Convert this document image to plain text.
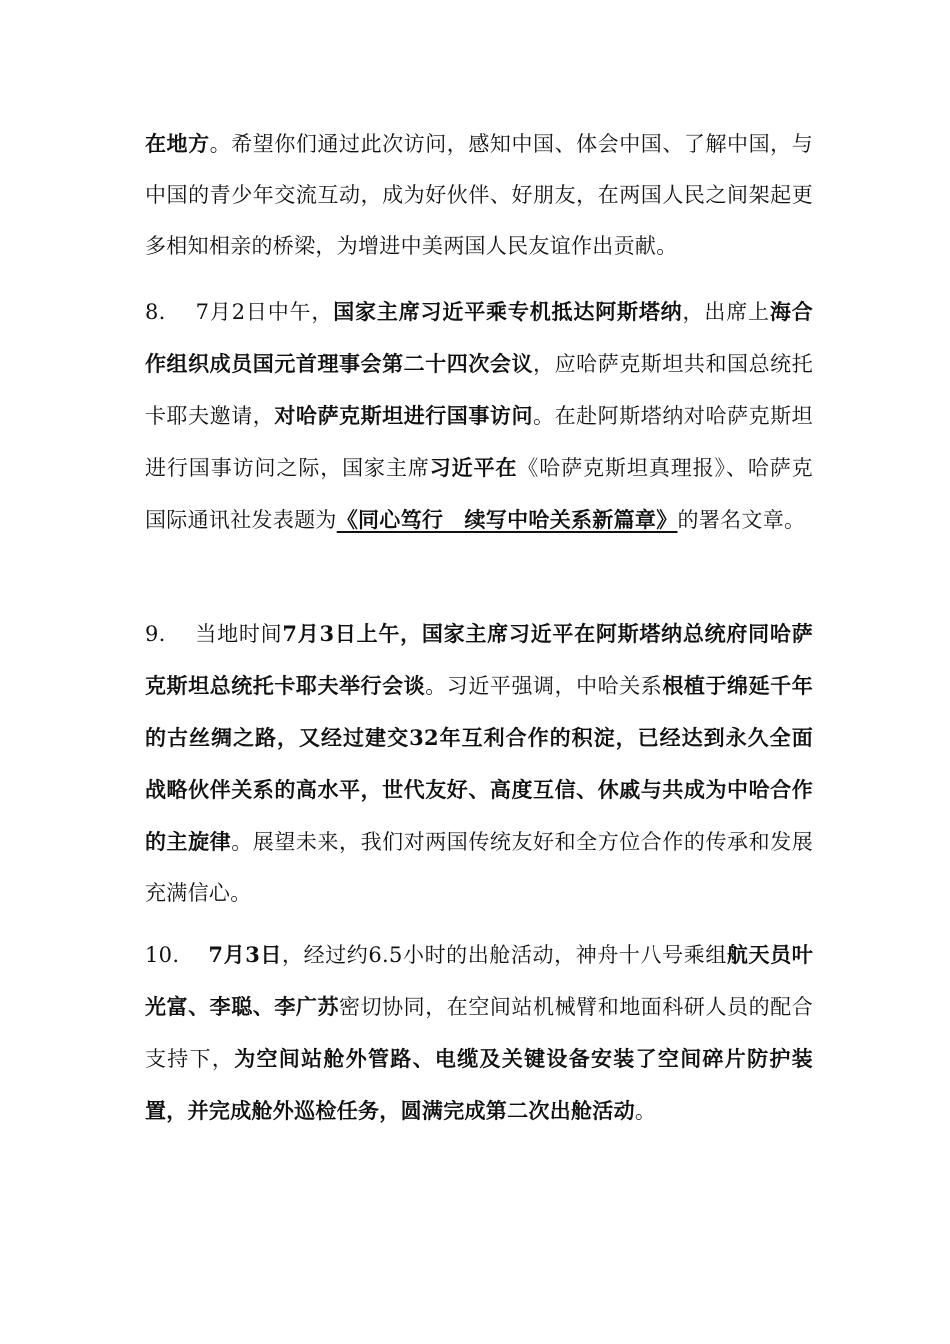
在地方。希望你们通过此次访问，感知中国、体会中国、了解中国，与中国的青少年交流互动，成为好伙伴、好朋友，在两国人民之间架起更多相知相亲的桥梁，为增进中美两国人民友谊作出贡献。

8. 7月2日中午，国家主席习近平乘专机抵达阿斯塔纳，出席上海合作组织成员国元首理事会第二十四次会议，应哈萨克斯坦共和国总统托卡耶夫邀请，对哈萨克斯坦进行国事访问。在赴阿斯塔纳对哈萨克斯坦进行国事访问之际，国家主席习近平在《哈萨克斯坦真理报》、哈萨克国际通讯社发表题为《同心笃行　续写中哈关系新篇章》的署名文章。

9. 当地时间7月3日上午，国家主席习近平在阿斯塔纳总统府同哈萨克斯坦总统托卡耶夫举行会谈。习近平强调，中哈关系根植于绵延千年的古丝绸之路，又经过建交32年互利合作的积淀，已经达到永久全面战略伙伴关系的高水平，世代友好、高度互信、休戚与共成为中哈合作的主旋律。展望未来，我们对两国传统友好和全方位合作的传承和发展充满信心。

10. 7月3日，经过约6.5小时的出舱活动，神舟十八号乘组航天员叶光富、李聪、李广苏密切协同，在空间站机械臂和地面科研人员的配合支持下，为空间站舱外管路、电缆及关键设备安装了空间碎片防护装置，并完成舱外巡检任务，圆满完成第二次出舱活动。
